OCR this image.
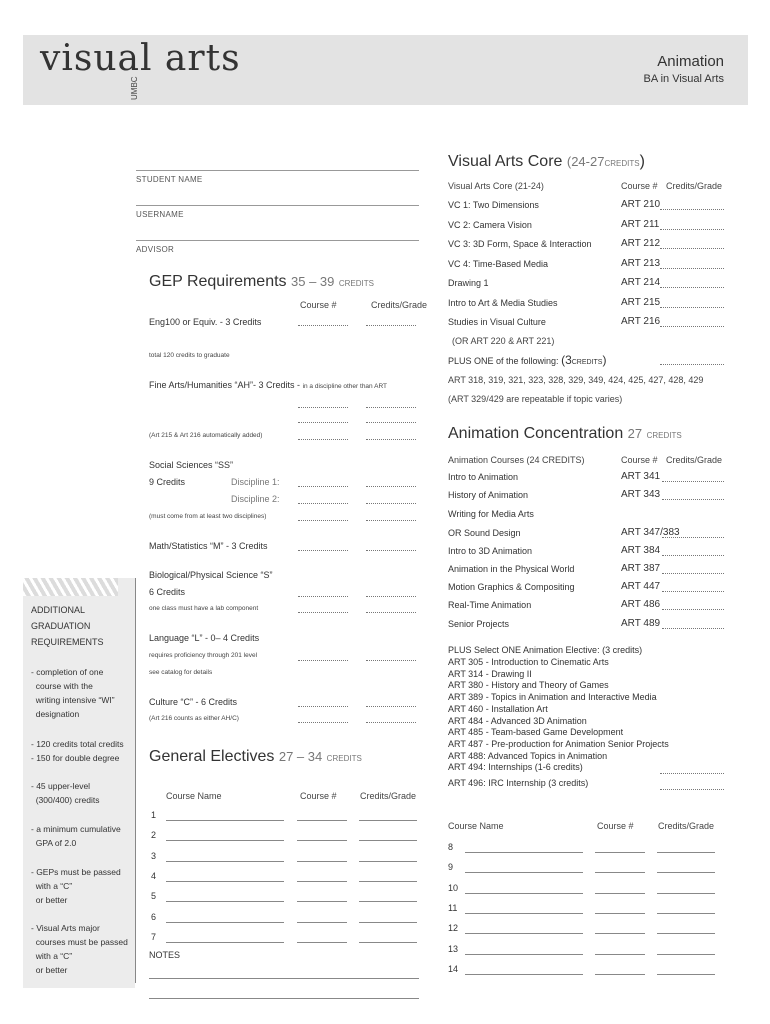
visual arts
UMBC
Animation
BA in Visual Arts
STUDENT NAME
USERNAME
ADVISOR
GEP Requirements 35 – 39 CREDITS
Course #	Credits/Grade
Eng100 or Equiv. - 3 Credits
total 120 credits to graduate
Fine Arts/Humanities “AH”- 3 Credits - in a discipline other than ART
(Art 215 & Art 216 automatically added)
Social Sciences “SS”
9 Credits	Discipline 1:
Discipline 2:
(must come from at least two disciplines)
Math/Statistics “M” - 3 Credits
Biological/Physical Science “S”
6 Credits
one class must have a lab component
Language “L” - 0– 4 Credits
requires proficiency through 201 level
see catalog for details
Culture “C” - 6 Credits
(Art 216 counts as either AH/C)
General Electives 27 – 34 CREDITS
Course Name	Course #	Credits/Grade
NOTES
ADDITIONAL
GRADUATION
REQUIREMENTS
Visual Arts Core (24-27CREDITS)
Visual Arts Core (21-24)	Course # Credits/Grade
(OR ART 220 & ART 221)
PLUS ONE of the following: (3CREDITS)
ART 318, 319, 321, 323, 328, 329, 349, 424, 425, 427, 428, 429
(ART 329/429 are repeatable if topic varies)
Animation Concentration 27 CREDITS
Animation Courses (24 CREDITS)	Course # Credits/Grade
PLUS Select ONE Animation Elective: (3 credits)
Course Name	Course #	Credits/Grade
1
2
3
4
5
6
7
- completion of one
course with the
writing intensive “WI”
designation
- 120 credits total credits
- 150 for double degree
- 45 upper-level
(300/400) credits
- a minimum cumulative
GPA of 2.0
- GEPs must be passed
with a “C”
or better
- Visual Arts major
courses must be passed
with a “C”
or better
VC 1: Two Dimensions	ART 210
VC 2: Camera Vision	ART 211
VC 3: 3D Form, Space & Interaction	ART 212
VC 4: Time-Based Media	ART 213
Drawing 1	ART 214
Intro to Art & Media Studies	ART 215
Studies in Visual Culture	ART 216
Intro to Animation	ART 341
History of Animation	ART 343
Writing for Media Arts
OR Sound Design	ART 347/383
Intro to 3D Animation	ART 384
Animation in the Physical World	ART 387
Motion Graphics & Compositing	ART 447
Real-Time Animation	ART 486
Senior Projects	ART 489
ART 305 - Introduction to Cinematic Arts
ART 314 - Drawing II
ART 380 - History and Theory of Games
ART 389 - Topics in Animation and Interactive Media
ART 460 - Installation Art
ART 484 - Advanced 3D Animation
ART 485 - Team-based Game Development
ART 487 - Pre-production for Animation Senior Projects
ART 488: Advanced Topics in Animation
ART 494: Internships (1-6 credits)
ART 496: IRC Internship (3 credits)
8
9
10
11
12
13
14
